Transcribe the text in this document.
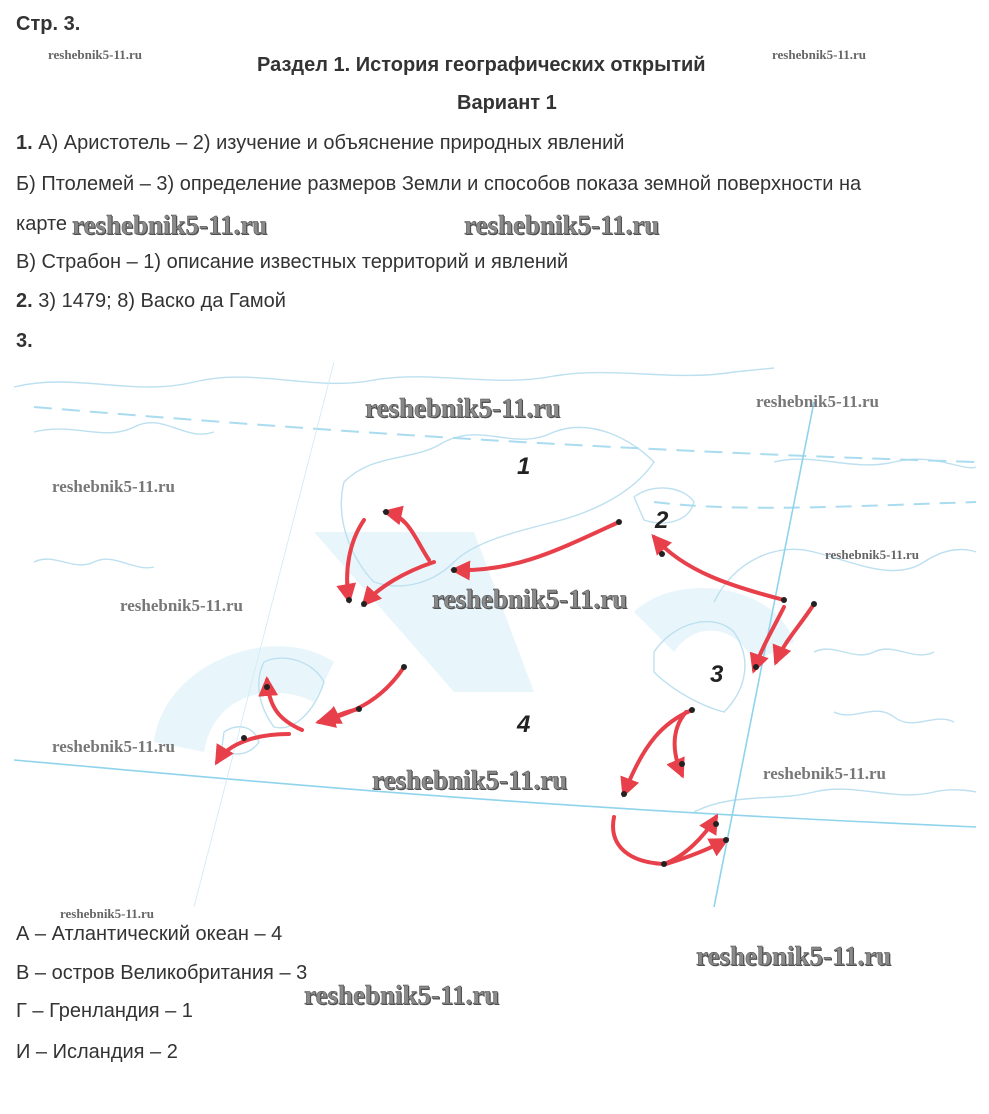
Стр. 3.
Раздел 1. История географических открытий
Вариант 1
1. А) Аристотель – 2) изучение и объяснение природных явлений
Б) Птолемей – 3) определение размеров Земли и способов показа земной поверхности на
карте
В) Страбон – 1) описание известных территорий и явлений
2. 3) 1479; 8) Васко да Гамой
3.
1
2
3
4
А – Атлантический океан – 4
В – остров Великобритания – 3
Г – Гренландия – 1
И – Исландия – 2
reshebnik5-11.ru	reshebnik5-11.ru
reshebnik5-11.ru	reshebnik5-11.ru
reshebnik5-11.ru	reshebnik5-11.ru
reshebnik5-11.ru
reshebnik5-11.ru
reshebnik5-11.ru
reshebnik5-11.ru
reshebnik5-11.ru
reshebnik5-11.ru	reshebnik5-11.ru
reshebnik5-11.ru
reshebnik5-11.ru
reshebnik5-11.ru
